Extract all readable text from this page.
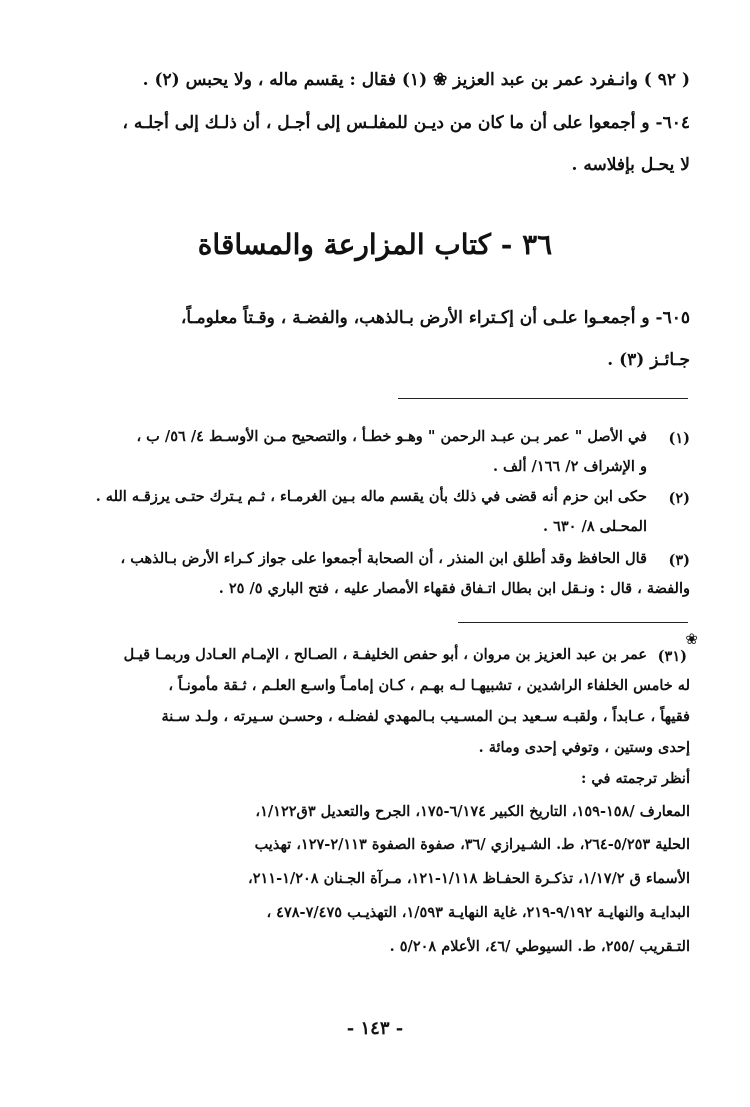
( ٩٢ ) وانـفرد عمر بن عبد العزيز ❀ (١) فقال : يقسم ماله ، ولا يحبس (٢) .
٦٠٤- و أجمعوا على أن ما كان من ديـن للمفلـس إلى أجـل ، أن ذلـك إلى أجلـه ،
لا يحـل بإفلاسه .
٣٦ - كتاب المزارعة والمساقاة
٦٠٥- و أجمعـوا علـى أن إكـتراء الأرض بـالذهب، والفضـة ، وقـتاً معلومـاً،
جـائـز (٣) .
(١)
في الأصل " عمر بـن عبـد الرحمن " وهـو خطـأ ، والتصحيح مـن الأوسـط ٤/ ٥٦/ ب ،
و الإشراف ٢/ ١٦٦/ ألف .
(٢)
حكى ابن حزم أنه قضى في ذلك بأن يقسم ماله بـين الغرمـاء ، ثـم يـترك حتـى يرزقـه الله .
المحـلى ٨/ ٦٣٠ .
(٣)
قال الحافظ وقد أطلق ابن المنذر ، أن الصحابة أجمعوا على جواز كـراء الأرض بـالذهب ،
والفضة ، قال : ونـقل ابن بطال اتـفاق فقهاء الأمصار عليه ، فتح الباري ٥/ ٢٥ .
❀
(٣١)
عمر بن عبد العزيز بن مروان ، أبو حفص الخليفـة ، الصـالح ، الإمـام العـادل وربمـا قيـل
له خامس الخلفاء الراشدين ، تشبيهـا لـه بهـم ، كـان إمامـاً واسـع العلـم ، ثـقة مأمونـاً ،
فقيهاً ، عـابداً ، ولقبـه سـعيد بـن المسـيب بـالمهدي لفضلـه ، وحسـن سـيرته ، ولـد سـنة
إحدى وستين ، وتوفي إحدى ومائة .
أنظر ترجمته في :
المعارف /١٥٨-١٥٩، التاريخ الكبير ٦/١٧٤-١٧٥، الجرح والتعديل ٣ق١/١٢٢،
الحلية ٥/٢٥٣-٢٦٤، ط. الشـيرازي /٣٦، صفوة الصفوة ٢/١١٣-١٢٧، تهذيب
الأسماء ق ١/١٧/٢، تذكـرة الحفـاظ ١/١١٨-١٢١، مـرآة الجـنان ١/٢٠٨-٢١١،
البدايـة والنهايـة ٩/١٩٢-٢١٩، غاية النهايـة ١/٥٩٣، التهذيـب ٧/٤٧٥-٤٧٨ ،
التـقريب /٢٥٥، ط. السيوطي /٤٦، الأعلام ٥/٢٠٨ .
- ١٤٣ -
